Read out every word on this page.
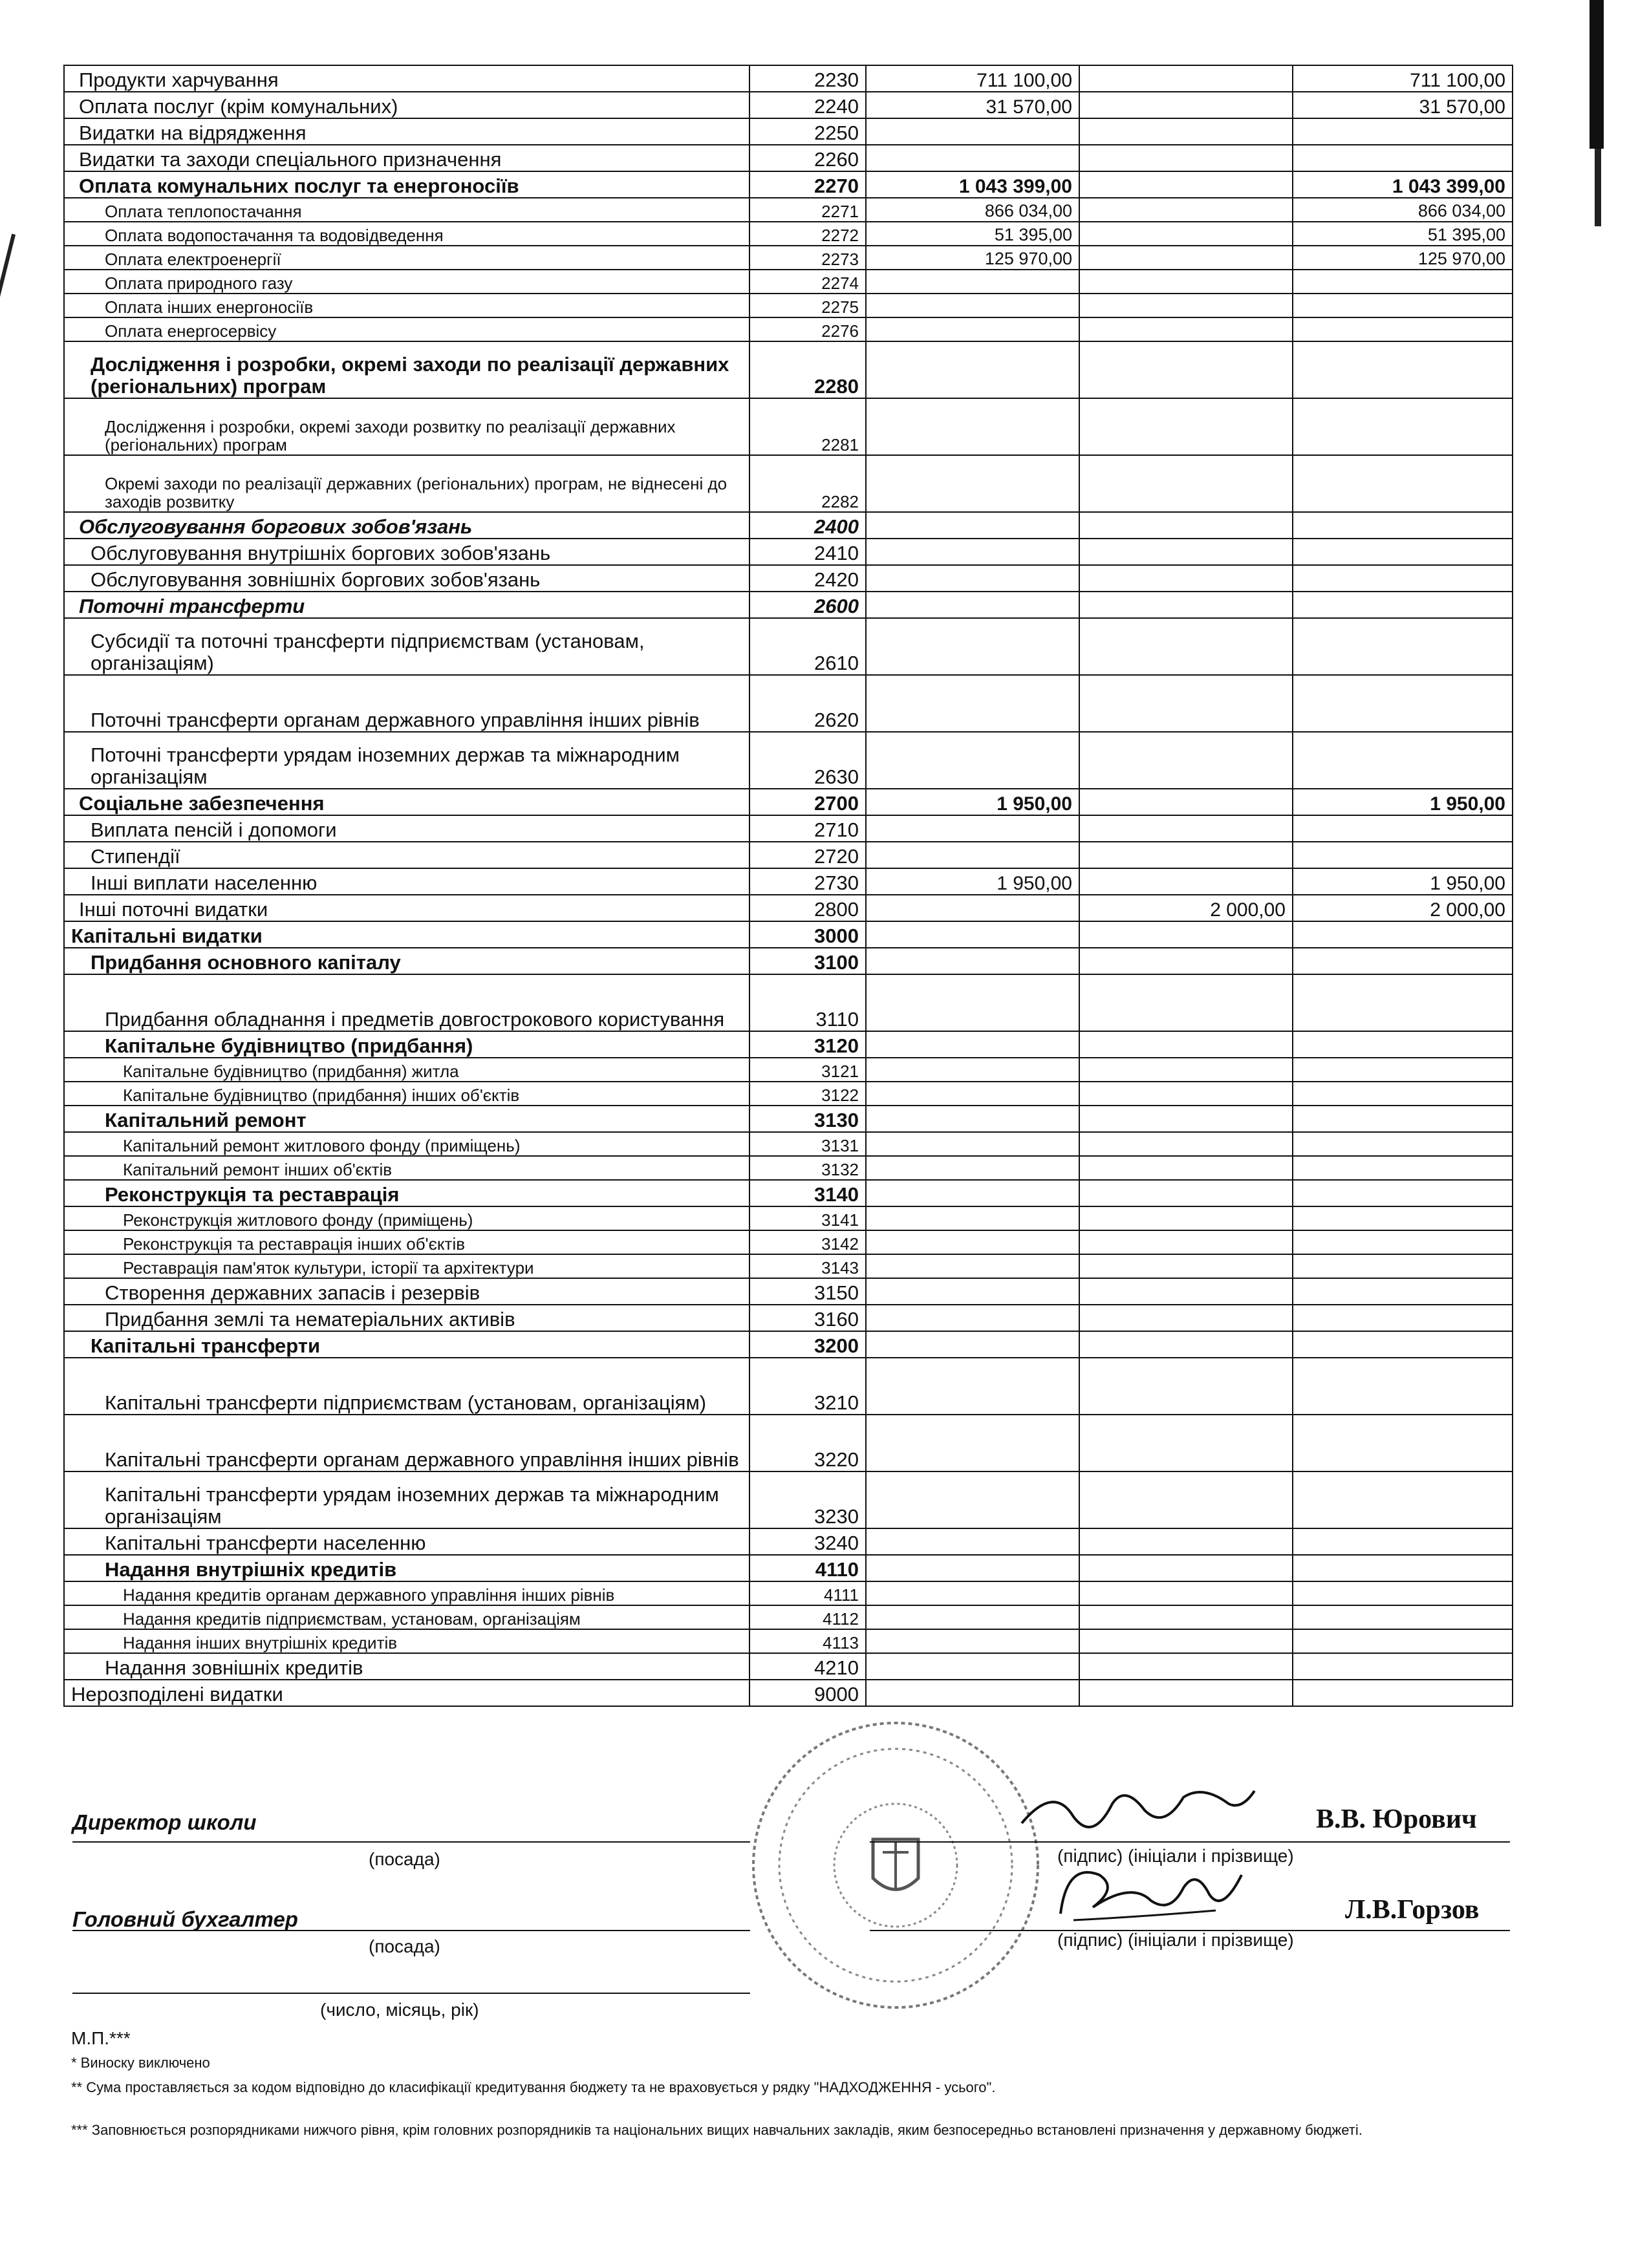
Продукти харчування	2230	711 100,00		711 100,00
Оплата послуг (крім комунальних)	2240	31 570,00		31 570,00
Видатки на відрядження	2250			
Видатки та заходи спеціального призначення	2260			
Оплата комунальних послуг та енергоносіїв	2270	1 043 399,00		1 043 399,00
Оплата теплопостачання	2271	866 034,00		866 034,00
Оплата водопостачання та водовідведення	2272	51 395,00		51 395,00
Оплата електроенергії	2273	125 970,00		125 970,00
Оплата природного газу	2274			
Оплата інших енергоносіїв	2275			
Оплата енергосервісу	2276			
Дослідження і розробки, окремі заходи по реалізації державних (регіональних) програм	2280			
Дослідження і розробки, окремі заходи розвитку по реалізації державних (регіональних) програм	2281			
Окремі заходи по реалізації державних (регіональних) програм, не віднесені до заходів розвитку	2282			
Обслуговування боргових зобов'язань	2400			
Обслуговування внутрішніх боргових зобов'язань	2410			
Обслуговування зовнішніх боргових зобов'язань	2420			
Поточні трансферти	2600			
Субсидії та поточні трансферти підприємствам (установам, організаціям)	2610			
Поточні трансферти органам державного управління інших рівнів	2620			
Поточні трансферти урядам іноземних держав та міжнародним організаціям	2630			
Соціальне забезпечення	2700	1 950,00		1 950,00
Виплата пенсій і допомоги	2710			
Стипендії	2720			
Інші виплати населенню	2730	1 950,00		1 950,00
Інші поточні видатки	2800		2 000,00	2 000,00
Капітальні видатки	3000			
Придбання основного капіталу	3100			
Придбання обладнання і предметів довгострокового користування	3110			
Капітальне будівництво (придбання)	3120			
Капітальне будівництво (придбання) житла	3121			
Капітальне будівництво (придбання) інших об'єктів	3122			
Капітальний ремонт	3130			
Капітальний ремонт житлового фонду (приміщень)	3131			
Капітальний ремонт інших об'єктів	3132			
Реконструкція та реставрація	3140			
Реконструкція житлового фонду (приміщень)	3141			
Реконструкція та реставрація інших об'єктів	3142			
Реставрація пам'яток культури, історії та архітектури	3143			
Створення державних запасів і резервів	3150			
Придбання землі та нематеріальних активів	3160			
Капітальні трансферти	3200			
Капітальні трансферти підприємствам (установам, організаціям)	3210			
Капітальні трансферти органам державного управління інших рівнів	3220			
Капітальні трансферти урядам іноземних держав та міжнародним організаціям	3230			
Капітальні трансферти населенню	3240			
Надання внутрішніх кредитів	4110			
Надання кредитів органам державного управління інших рівнів	4111			
Надання кредитів підприємствам, установам, організаціям	4112			
Надання інших внутрішніх кредитів	4113			
Надання зовнішніх кредитів	4210			
Нерозподілені видатки	9000			
Директор школи
(посада)	(підпис) (ініціали і прізвище)
В.В. Юрович
Головний бухгалтер
(посада)	(підпис) (ініціали і прізвище)
Л.В.Горзов
(число, місяць, рік)
М.П.***
* Виноску виключено
** Сума проставляється за кодом відповідно до класифікації кредитування бюджету та не враховується у рядку "НАДХОДЖЕННЯ - усього".
*** Заповнюється розпорядниками нижчого рівня, крім головних розпорядників та національних вищих навчальних закладів, яким безпосередньо встановлені призначення у державному бюджеті.
